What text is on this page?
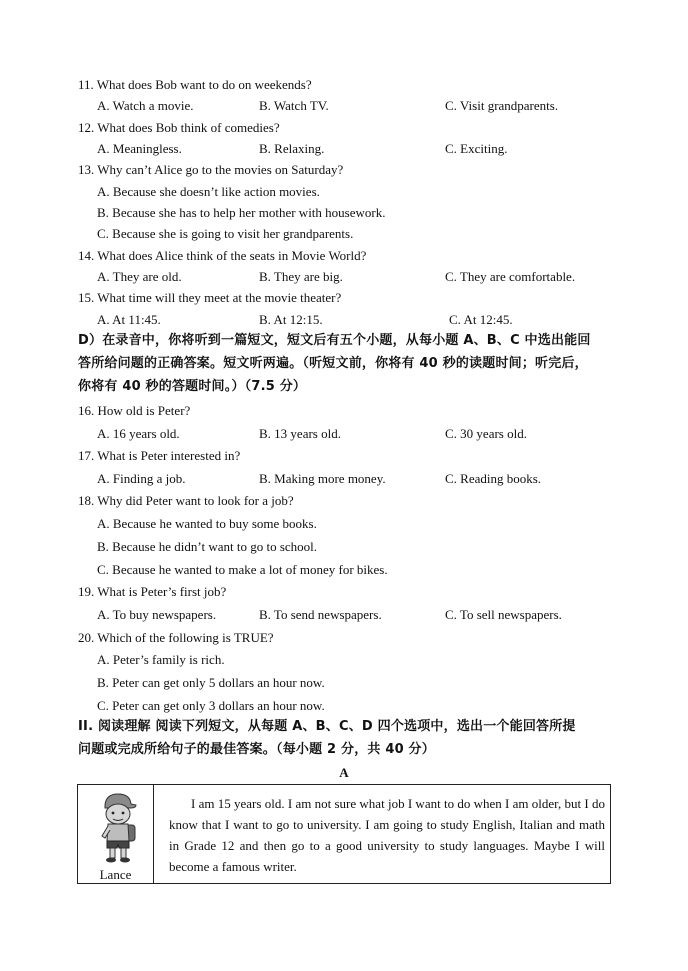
11. What does Bob want to do on weekends?
A. Watch a movie.	B. Watch TV.	C. Visit grandparents.
12. What does Bob think of comedies?
A. Meaningless.	B. Relaxing.	C. Exciting.
13. Why can’t Alice go to the movies on Saturday?
A. Because she doesn’t like action movies.
B. Because she has to help her mother with housework.
C. Because she is going to visit her grandparents.
14. What does Alice think of the seats in Movie World?
A. They are old.	B. They are big.	C. They are comfortable.
15. What time will they meet at the movie theater?
A. At 11:45.	B. At 12:15.	C. At 12:45.
D）在录音中，你将听到一篇短文，短文后有五个小题，从每小题 A、B、C 中选出能回
答所给问题的正确答案。短文听两遍。（听短文前，你将有 40 秒的读题时间；听完后，
你将有 40 秒的答题时间。）（7.5 分）
16. How old is Peter?
A. 16 years old.	B. 13 years old.	C. 30 years old.
17. What is Peter interested in?
A. Finding a job.	B. Making more money.	C. Reading books.
18. Why did Peter want to look for a job?
A. Because he wanted to buy some books.
B. Because he didn’t want to go to school.
C. Because he wanted to make a lot of money for bikes.
19. What is Peter’s first job?
A. To buy newspapers.	B. To send newspapers.	C. To sell newspapers.
20. Which of the following is TRUE?
A. Peter’s family is rich.
B. Peter can get only 5 dollars an hour now.
C. Peter can get only 3 dollars an hour now.
II. 阅读理解 阅读下列短文，从每题 A、B、C、D 四个选项中，选出一个能回答所提
问题或完成所给句子的最佳答案。（每小题 2 分，共 40 分）
A
Lance

I am 15 years old. I am not sure what job I want to do when I am older, but I do know that I want to go to university. I am going to study English, Italian and math in Grade 12 and then go to a good university to study languages. Maybe I will become a famous writer.
